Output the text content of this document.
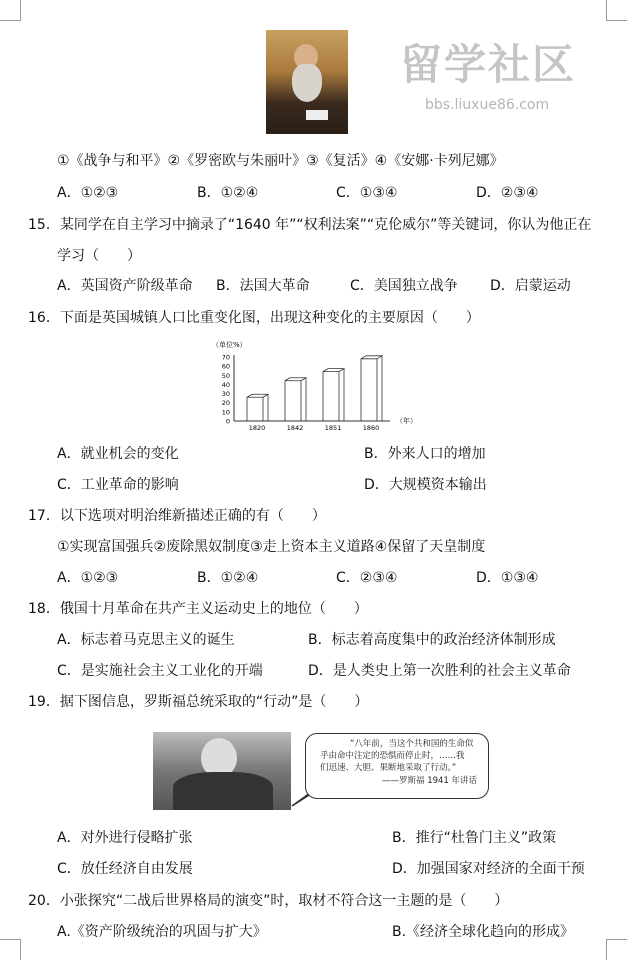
①《战争与和平》②《罗密欧与朱丽叶》③《复活》④《安娜·卡列尼娜》
A．①②③	B．①②④	C．①③④	D．②③④
15．某同学在自主学习中摘录了“1640 年”“权利法案”“克伦威尔”等关键词，你认为他正在
学习（　　）
A．英国资产阶级革命 B．法国大革命	C．美国独立战争 D．启蒙运动
16．下面是英国城镇人口比重变化图，出现这种变化的主要原因（　　）
（单位%）
（年）
0
10
20
30
40
50
60
70
1820	1842	1851	1860
A．就业机会的变化	B．外来人口的增加
C．工业革命的影响	D．大规模资本输出
17．以下选项对明治维新描述正确的有（　　）
①实现富国强兵②废除黑奴制度③走上资本主义道路④保留了天皇制度
A．①②③	B．①②④	C．②③④	D．①③④
18．俄国十月革命在共产主义运动史上的地位（　　）
A．标志着马克思主义的诞生	B．标志着高度集中的政治经济体制形成
C．是实施社会主义工业化的开端	D．是人类史上第一次胜利的社会主义革命
19．据下图信息，罗斯福总统采取的“行动”是（　　）
“八年前，当这个共和国的生命似
乎由命中注定的恐惧而停止时，……我
们迅速、大胆、果断地采取了行动。”
——罗斯福 1941 年讲话
A．对外进行侵略扩张	B．推行“杜鲁门主义”政策
C．放任经济自由发展	D．加强国家对经济的全面干预
20．小张探究“二战后世界格局的演变”时，取材不符合这一主题的是（　　）
A.《资产阶级统治的巩固与扩大》	B.《经济全球化趋向的形成》
留学社区
bbs.liuxue86.com
